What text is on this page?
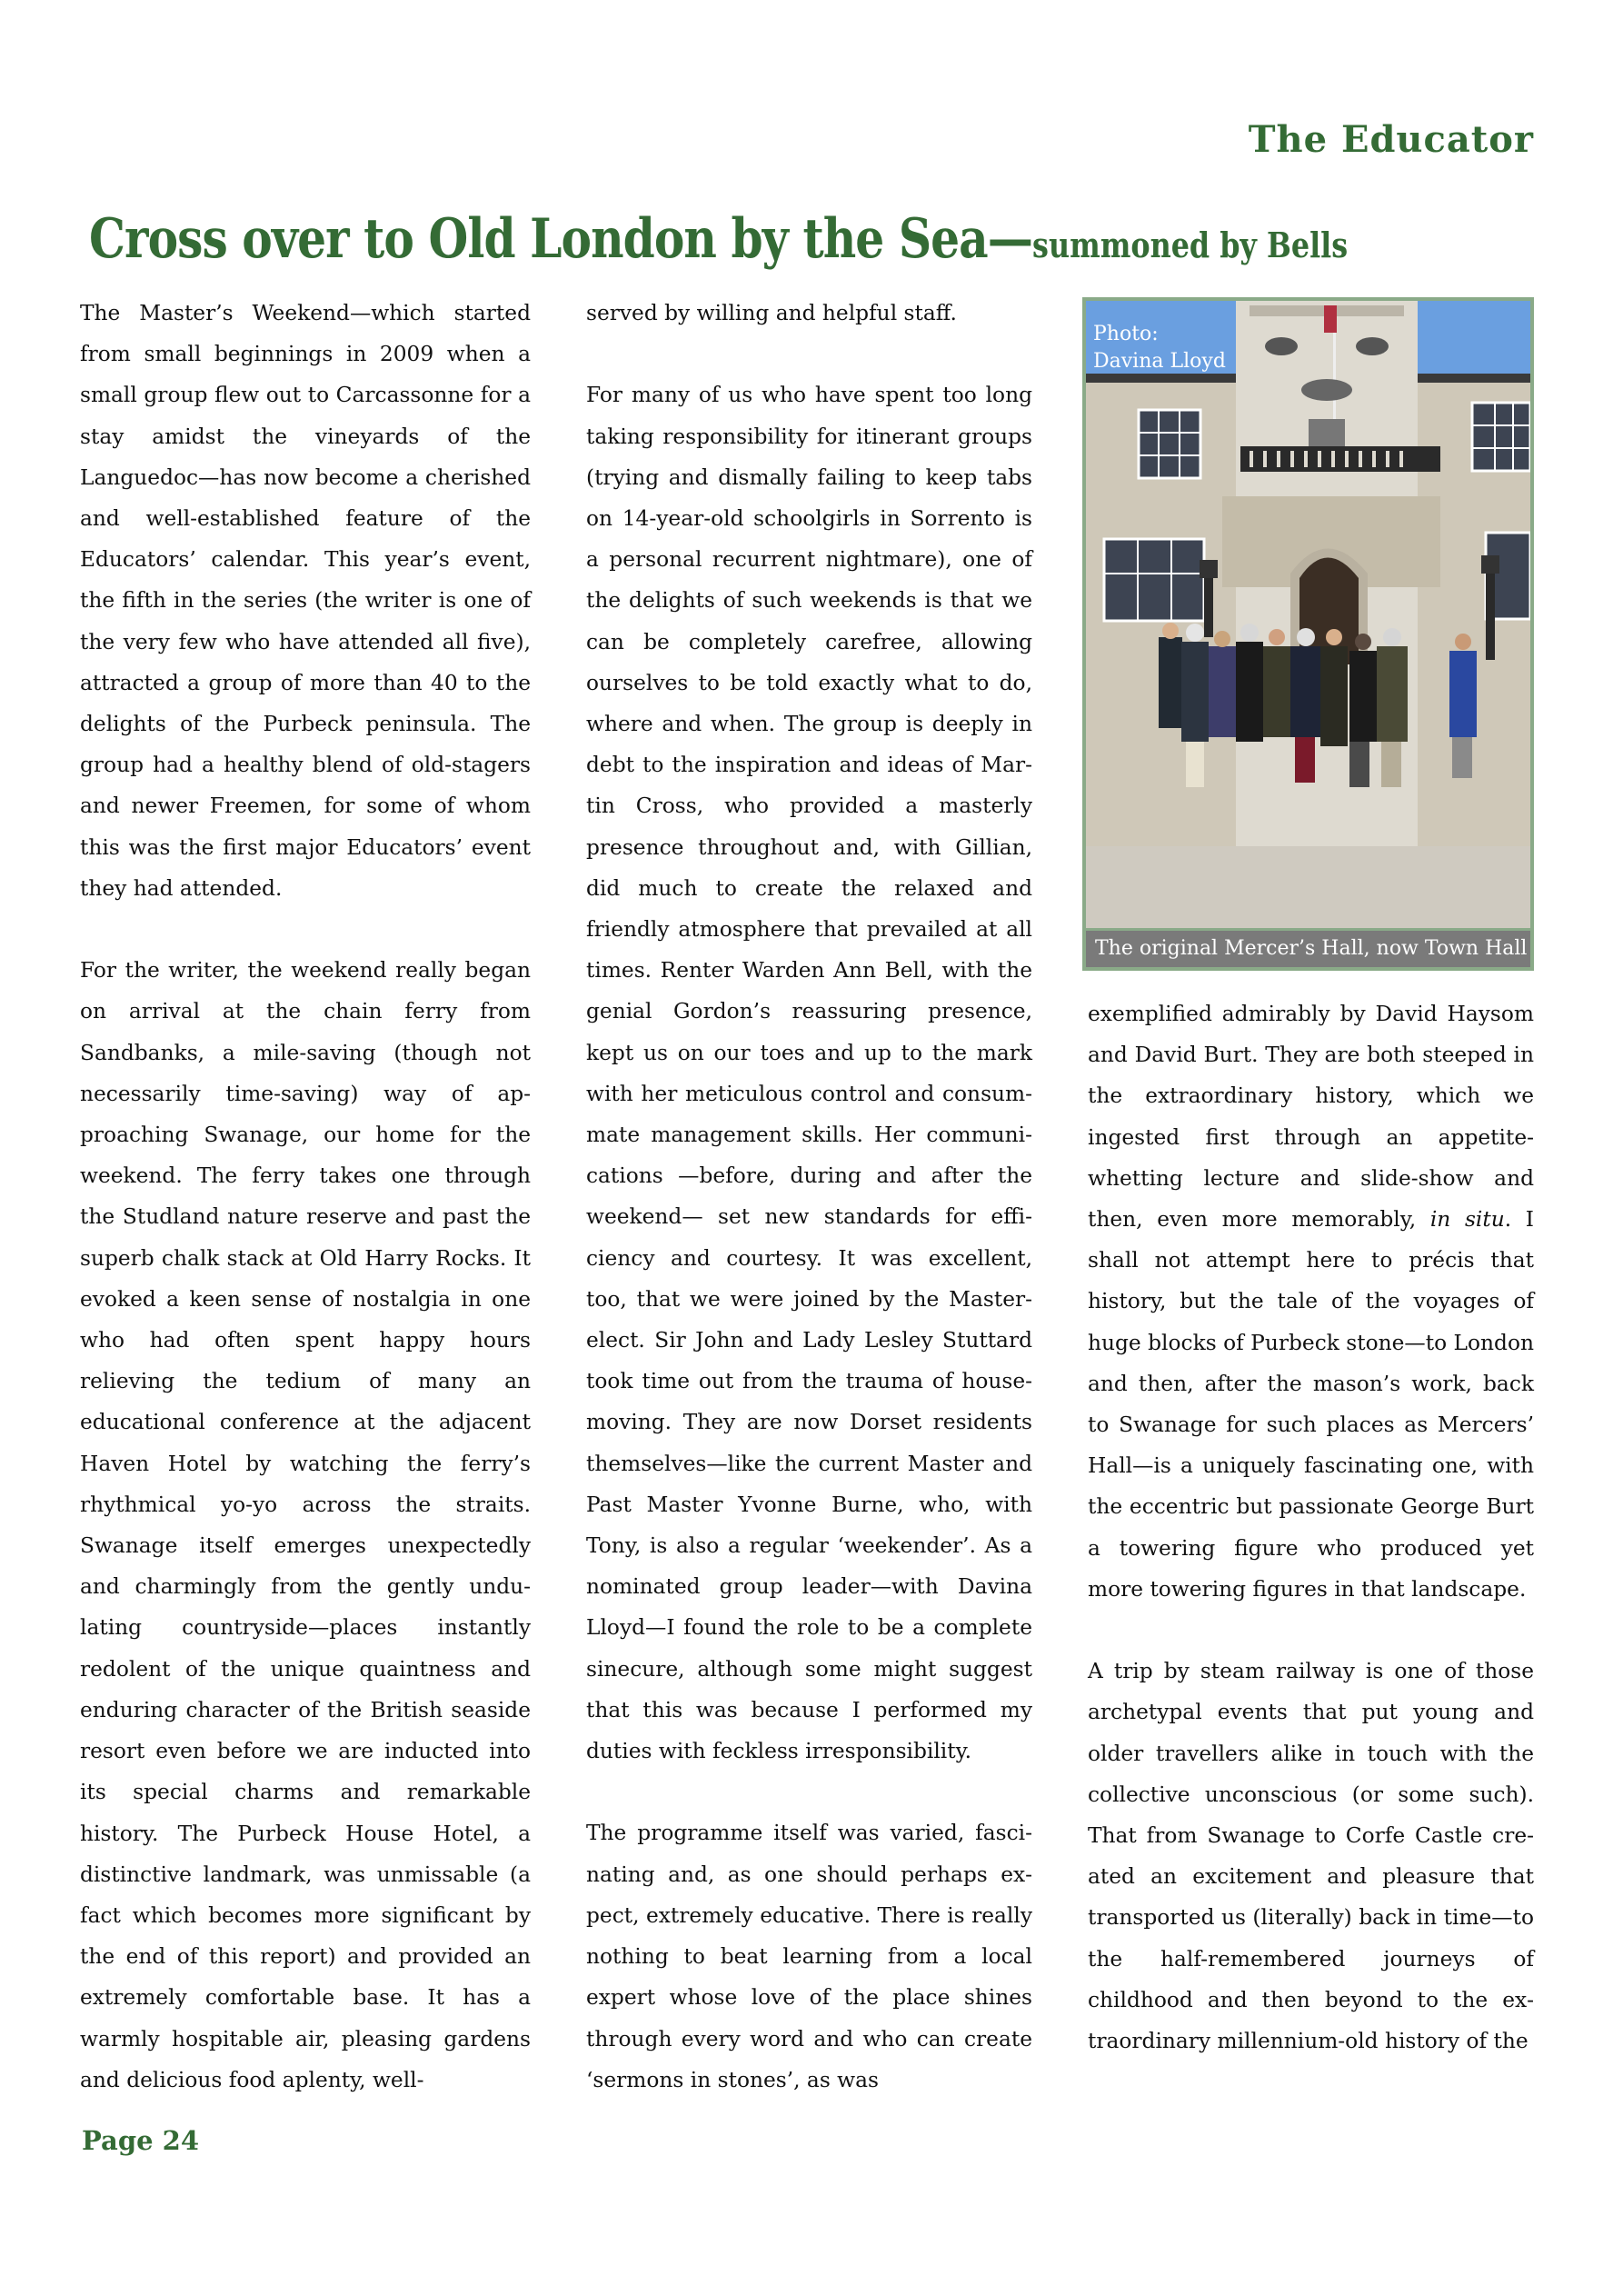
The Educator
Cross over to Old London by the Sea—summoned by Bells

The Master’s Weekend—which started from small beginnings in 2009 when a small group flew out to Carcassonne for a stay amidst the vineyards of the Languedoc—has now become a cherished and well-established feature of the Educators’ calendar. This year’s event, the fifth in the series (the writer is one of the very few who have attended all five), attracted a group of more than 40 to the delights of the Purbeck peninsula. The group had a healthy blend of old-stagers and newer Freemen, for some of whom this was the first major Educators’ event they had attended.

For the writer, the weekend really began on arrival at the chain ferry from Sandbanks, a mile-saving (though not necessarily time-saving) way of approaching Swanage, our home for the weekend. The ferry takes one through the Studland nature reserve and past the superb chalk stack at Old Harry Rocks. It evoked a keen sense of nostalgia in one who had often spent happy hours relieving the tedium of many an educational conference at the adjacent Haven Hotel by watching the ferry’s rhythmical yo-yo across the straits. Swanage itself emerges unexpectedly and charmingly from the gently undulating countryside—places instantly redolent of the unique quaintness and enduring character of the British seaside resort even before we are inducted into its special charms and remarkable history. The Purbeck House Hotel, a distinctive landmark, was unmissable (a fact which becomes more significant by the end of this report) and provided an extremely comfortable base. It has a warmly hospitable air, pleasing gardens and delicious food aplenty, well-

served by willing and helpful staff.

For many of us who have spent too long taking responsibility for itinerant groups (trying and dismally failing to keep tabs on 14-year-old schoolgirls in Sorrento is a personal recurrent nightmare), one of the delights of such weekends is that we can be completely carefree, allowing ourselves to be told exactly what to do, where and when. The group is deeply in debt to the inspiration and ideas of Martin Cross, who provided a masterly presence throughout and, with Gillian, did much to create the relaxed and friendly atmosphere that prevailed at all times. Renter Warden Ann Bell, with the genial Gordon’s reassuring presence, kept us on our toes and up to the mark with her meticulous control and consummate management skills. Her communications —before, during and after the weekend— set new standards for efficiency and courtesy. It was excellent, too, that we were joined by the Master-elect. Sir John and Lady Lesley Stuttard took time out from the trauma of house-moving. They are now Dorset residents themselves—like the current Master and Past Master Yvonne Burne, who, with Tony, is also a regular ‘weekender’. As a nominated group leader—with Davina Lloyd—I found the role to be a complete sinecure, although some might suggest that this was because I performed my duties with feckless irresponsibility.

The programme itself was varied, fascinating and, as one should perhaps expect, extremely educative. There is really nothing to beat learning from a local expert whose love of the place shines through every word and who can create ‘sermons in stones’, as was

Photo:
Davina Lloyd
The original Mercer’s Hall, now Town Hall

exemplified admirably by David Haysom and David Burt. They are both steeped in the extraordinary history, which we ingested first through an appetite-whetting lecture and slide-show and then, even more memorably, in situ. I shall not attempt here to précis that history, but the tale of the voyages of huge blocks of Purbeck stone—to London and then, after the mason’s work, back to Swanage for such places as Mercers’ Hall—is a uniquely fascinating one, with the eccentric but passionate George Burt a towering figure who produced yet more towering figures in that landscape.

A trip by steam railway is one of those archetypal events that put young and older travellers alike in touch with the collective unconscious (or some such). That from Swanage to Corfe Castle created an excitement and pleasure that transported us (literally) back in time—to the half-remembered journeys of childhood and then beyond to the extraordinary millennium-old history of the

Page 24
